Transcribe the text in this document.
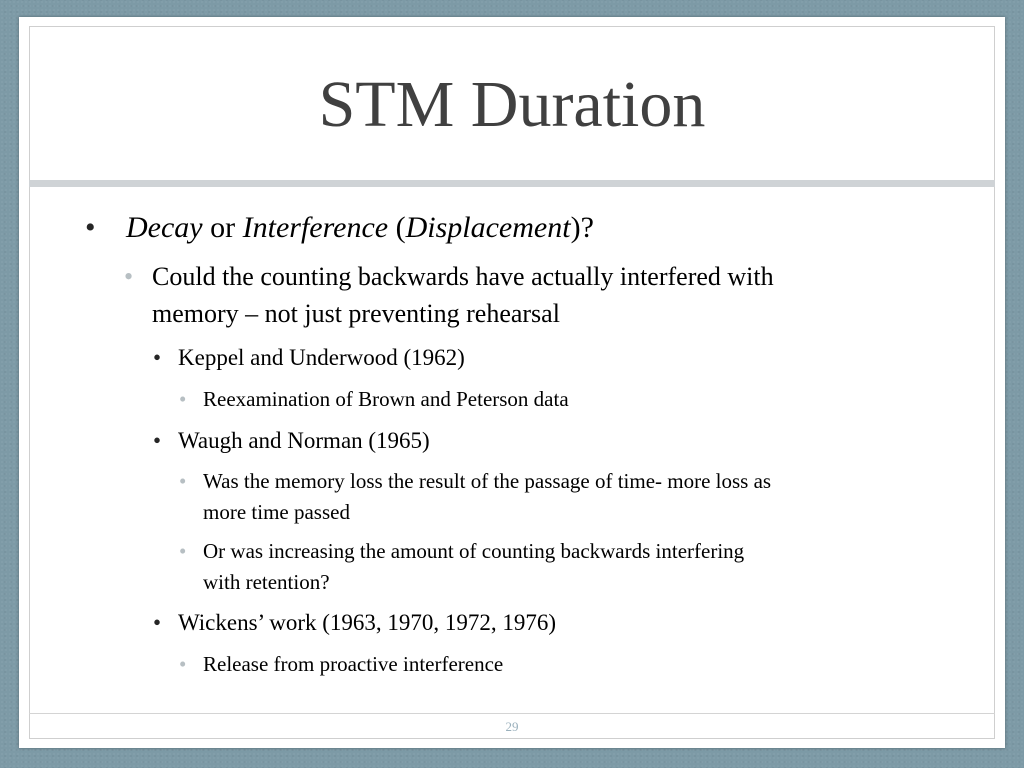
STM Duration
• Decay or Interference (Displacement)?
• Could the counting backwards have actually interfered with
memory – not just preventing rehearsal
• Keppel and Underwood (1962)
• Reexamination of Brown and Peterson data
• Waugh and Norman (1965)
• Was the memory loss the result of the passage of time- more loss as
more time passed
• Or was increasing the amount of counting backwards interfering
with retention?
• Wickens’ work (1963, 1970, 1972, 1976)
• Release from proactive interference
29
